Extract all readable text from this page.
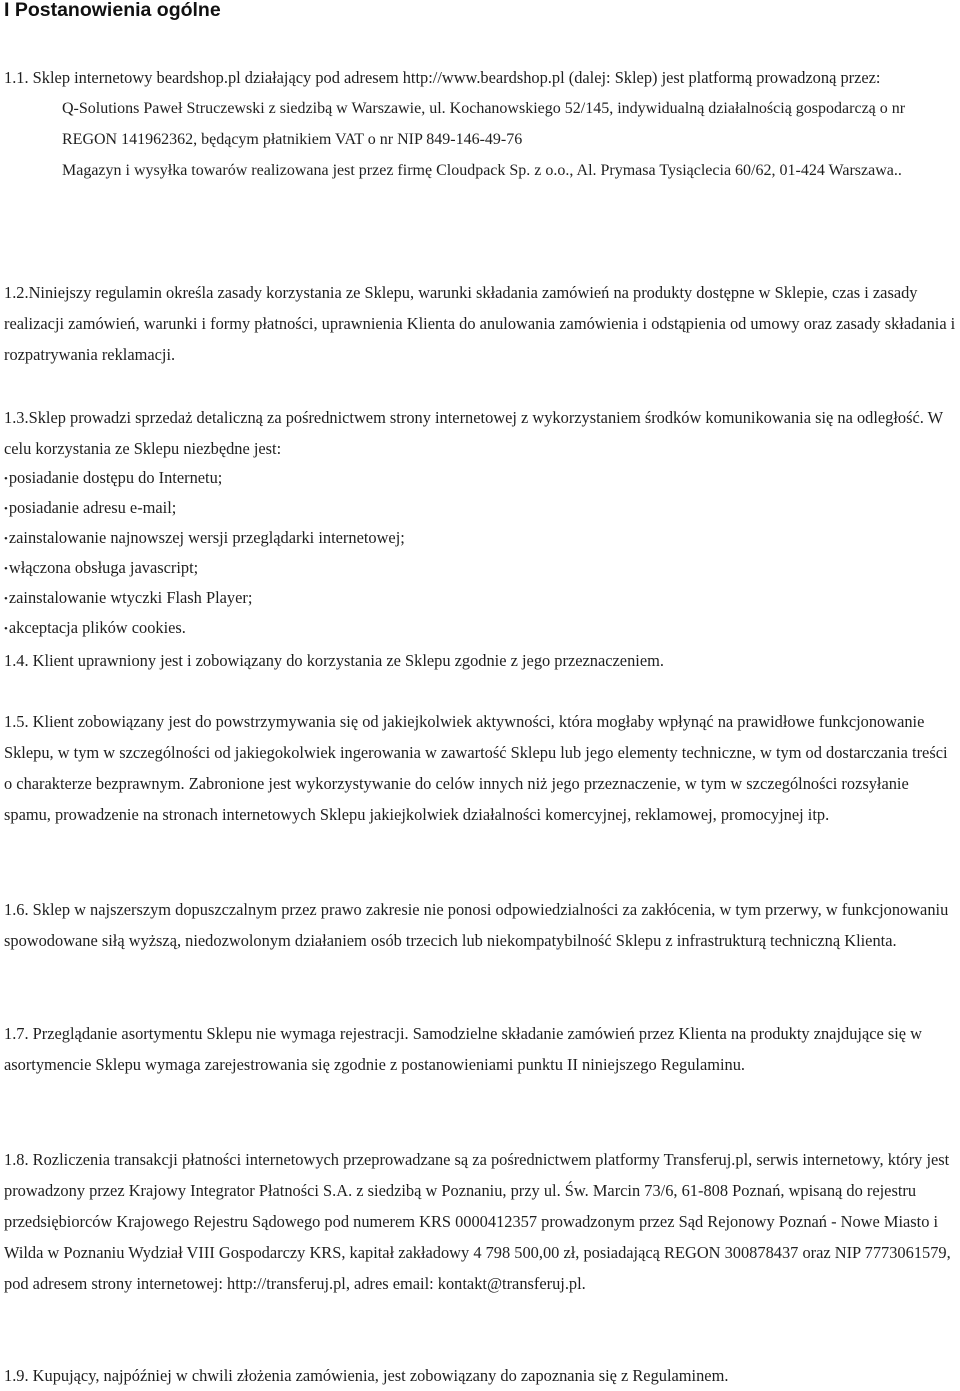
I Postanowienia ogólne
1.1. Sklep internetowy beardshop.pl działający pod adresem http://www.beardshop.pl (dalej: Sklep) jest platformą prowadzoną przez:
Q-Solutions Paweł Struczewski z siedzibą w Warszawie, ul. Kochanowskiego 52/145, indywidualną działalnością gospodarczą o nr REGON 141962362, będącym płatnikiem VAT o nr NIP 849-146-49-76
Magazyn i wysyłka towarów realizowana jest przez firmę Cloudpack Sp. z o.o., Al. Prymasa Tysiąclecia 60/62, 01-424 Warszawa..
1.2.Niniejszy regulamin określa zasady korzystania ze Sklepu, warunki składania zamówień na produkty dostępne w Sklepie, czas i zasady realizacji zamówień, warunki i formy płatności, uprawnienia Klienta do anulowania zamówienia i odstąpienia od umowy oraz zasady składania i rozpatrywania reklamacji.
1.3.Sklep prowadzi sprzedaż detaliczną za pośrednictwem strony internetowej z wykorzystaniem środków komunikowania się na odległość. W celu korzystania ze Sklepu niezbędne jest:
• posiadanie dostępu do Internetu;
• posiadanie adresu e-mail;
• zainstalowanie najnowszej wersji przeglądarki internetowej;
• włączona obsługa javascript;
• zainstalowanie wtyczki Flash Player;
• akceptacja plików cookies.
1.4. Klient uprawniony jest i zobowiązany do korzystania ze Sklepu zgodnie z jego przeznaczeniem.
1.5. Klient zobowiązany jest do powstrzymywania się od jakiejkolwiek aktywności, która mogłaby wpłynąć na prawidłowe funkcjonowanie Sklepu, w tym w szczególności od jakiegokolwiek ingerowania w zawartość Sklepu lub jego elementy techniczne, w tym od dostarczania treści o charakterze bezprawnym. Zabronione jest wykorzystywanie do celów innych niż jego przeznaczenie, w tym w szczególności rozsyłanie spamu, prowadzenie na stronach internetowych Sklepu jakiejkolwiek działalności komercyjnej, reklamowej, promocyjnej itp.
1.6. Sklep w najszerszym dopuszczalnym przez prawo zakresie nie ponosi odpowiedzialności za zakłócenia, w tym przerwy, w funkcjonowaniu spowodowane siłą wyższą, niedozwolonym działaniem osób trzecich lub niekompatybilność Sklepu z infrastrukturą techniczną Klienta.
1.7. Przeglądanie asortymentu Sklepu nie wymaga rejestracji. Samodzielne składanie zamówień przez Klienta na produkty znajdujące się w asortymencie Sklepu wymaga zarejestrowania się zgodnie z postanowieniami punktu II niniejszego Regulaminu.
1.8. Rozliczenia transakcji płatności internetowych przeprowadzane są za pośrednictwem platformy Transferuj.pl, serwis internetowy, który jest prowadzony przez Krajowy Integrator Płatności S.A. z siedzibą w Poznaniu, przy ul. Św. Marcin 73/6, 61-808 Poznań, wpisaną do rejestru przedsiębiorców Krajowego Rejestru Sądowego pod numerem KRS 0000412357 prowadzonym przez Sąd Rejonowy Poznań - Nowe Miasto i Wilda w Poznaniu Wydział VIII Gospodarczy KRS, kapitał zakładowy 4 798 500,00 zł, posiadającą REGON 300878437 oraz NIP 7773061579, pod adresem strony internetowej: http://transferuj.pl, adres email: kontakt@transferuj.pl.
1.9. Kupujący, najpóźniej w chwili złożenia zamówienia, jest zobowiązany do zapoznania się z Regulaminem.
